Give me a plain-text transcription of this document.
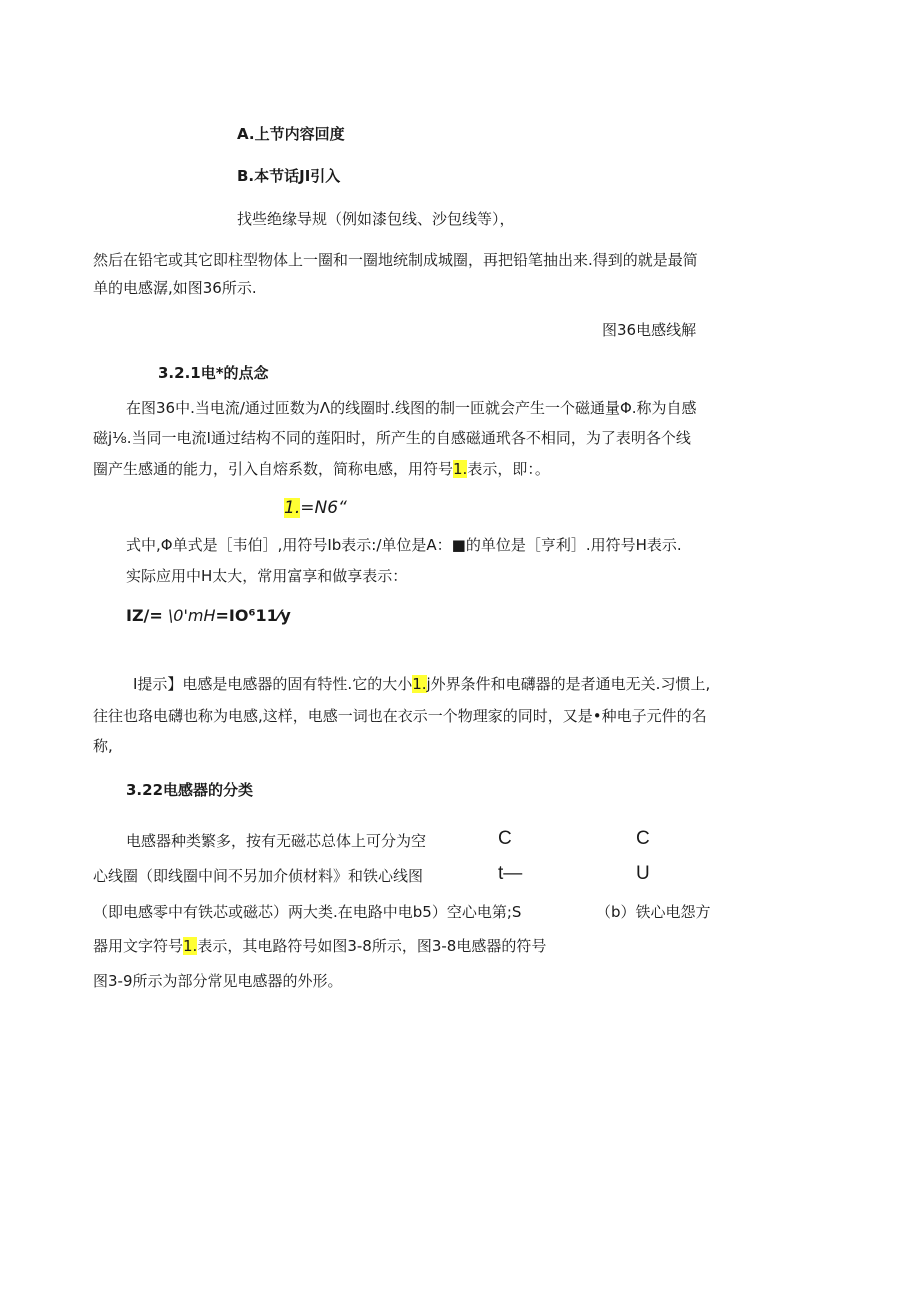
A.上节内容回度
B.本节话JI引入
找些绝缘导规（例如漆包线、沙包线等），
然后在铅宅或其它即柱型物体上一圈和一圈地统制成城圈，再把铅笔抽出来.得到的就是最简
单的电感潺,如图36所示.
图36电感线解
3.2.1电*的点念
在图36中.当电流/通过匝数为Λ的线圈时.线图的制一匝就会产生一个磁通量Φ.称为自感
磁j⅛.当同一电流I通过结构不同的莲阳时，所产生的自感磁通玳各不相同，为了表明各个线
圈产生感通的能力，引入自熔系数，简称电感，用符号1.表示，即：。
1.=N6“
式中,Φ单式是［韦伯］,用符号Ib表示:/单位是A：■的单位是［亨利］.用符号H表示.
实际应用中H太大，常用富享和做享表示：
IZ/= \0'mH=IO⁶11⁄y
I提示】电感是电感器的固有特性.它的大小1.j外界条件和电礴器的是者通电无关.习惯上,
往往也珞电礴也称为电感,这样，电感一词也在衣示一个物理家的同时，又是•种电子元件的名
称,
3.22电感器的分类
电感器种类繁多，按有无磁芯总体上可分为空
心线圈（即线圈中间不另加介侦材料》和铁心线图
（即电感零中有铁芯或磁芯）两大类.在电路中电b5）空心电第;S
器用文字符号1.表示，其电路符号如图3-8所示，图3-8电感器的符号
图3-9所示为部分常见电感器的外形。
C	C
t—	U
（b）铁心电怨方
